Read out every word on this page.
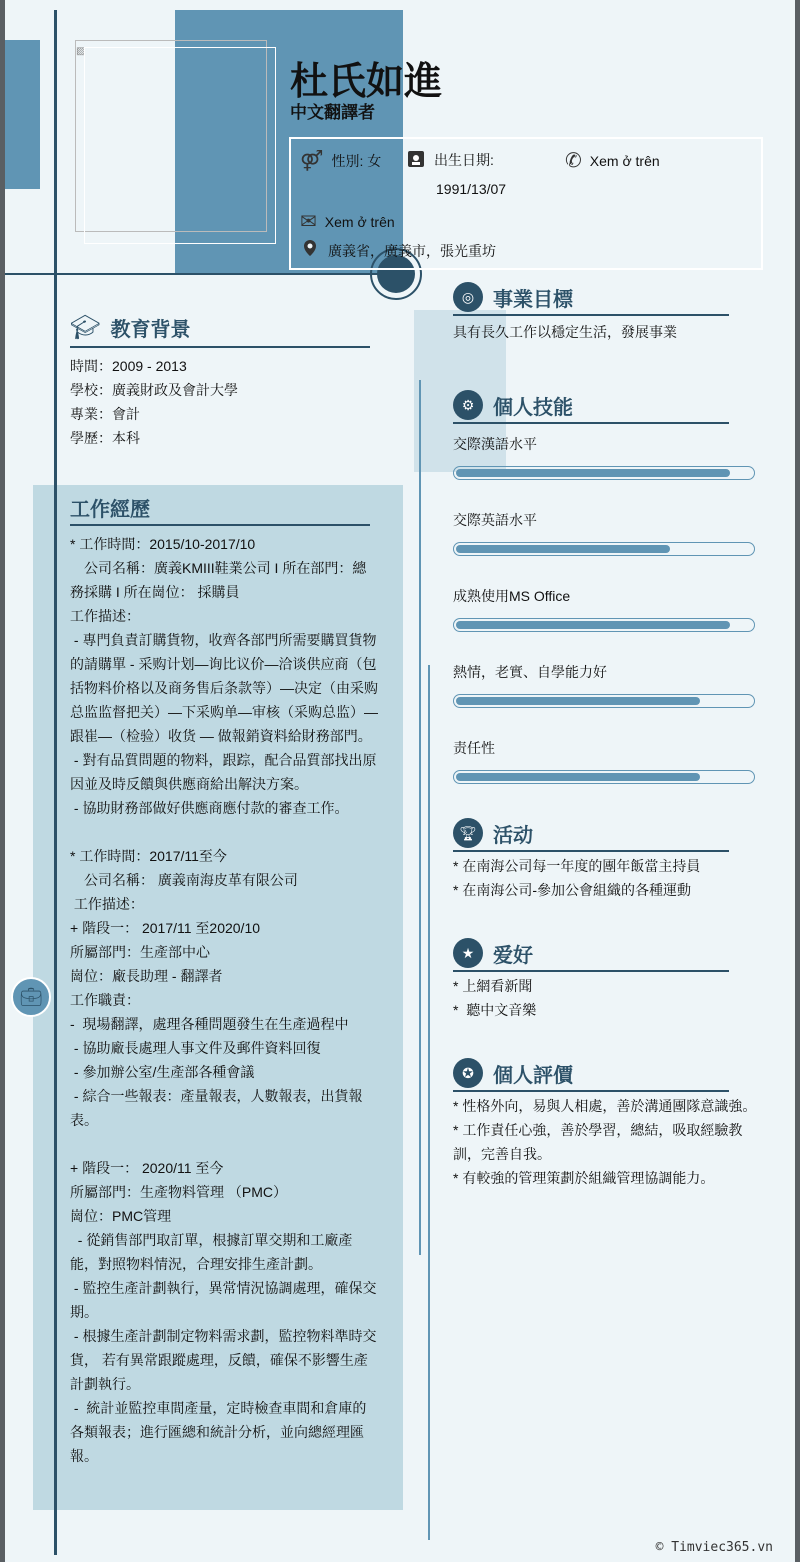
▨
杜氏如進
中文翻譯者
⚤ 性別: 女	出生日期:
1991/13/07
✆ Xem ở trên
✉ Xem ở trên
廣義省，廣義市，張光重坊
🎓︎ 教育背景
時間：2009 - 2013
學校：廣義財政及會計大學
專業：會計
學歷：本科
工作經歷
* 工作時間：2015/10-2017/10
　公司名稱：廣義KMIII鞋業公司 I 所在部門：總務採購 I 所在崗位： 採購員
工作描述：
- 專門負責訂購貨物，收齊各部門所需要購買貨物的請購單 - 采购计划—询比议价—洽谈供应商（包括物料价格以及商务售后条款等）—决定（由采购总监监督把关）—下采购单—审核（采购总监）—跟崔—（检验）收货 — 做報銷資料給財務部門。
- 對有品質問題的物料，跟踪，配合品質部找出原因並及時反饋與供應商給出解決方案。
- 協助財務部做好供應商應付款的審查工作。
* 工作時間：2017/11至今
　公司名稱： 廣義南海皮革有限公司
工作描述：
+ 階段一： 2017/11 至2020/10
所屬部門：生產部中心
崗位：廠長助理 - 翻譯者
工作職責：
-  現場翻譯，處理各種問題發生在生產過程中
- 協助廠長處理人事文件及郵件資料回復
- 參加辦公室/生產部各種會議
- 綜合一些報表：產量報表，人數報表，出貨報表。
+ 階段一： 2020/11 至今
所屬部門：生產物料管理 （PMC）
崗位：PMC管理
- 從銷售部門取訂單，根據訂單交期和工廠產能，對照物料情況，合理安排生產計劃。
- 監控生產計劃執行，異常情況協調處理，確保交期。
- 根據生產計劃制定物料需求劃，監控物料準時交貨， 若有異常跟蹤處理，反饋，確保不影響生產計劃執行。
-  統計並監控車間產量，定時檢查車間和倉庫的各類報表；進行匯總和統計分析，並向總經理匯報。
💼︎
◎ 事業目標
具有長久工作以穩定生活，發展事業
⚙ 個人技能
交際漢語水平
交際英語水平
成熟使用MS Office
熱情，老實、自學能力好
责任性
🏆︎ 活动
* 在南海公司每一年度的團年飯當主持員
* 在南海公司-參加公會組織的各種運動
★ 爱好
* 上網看新聞
*  聽中文音樂
✪ 個人評價
* 性格外向，易與人相處，善於溝通團隊意識強。
* 工作責任心強，善於學習，總結，吸取經驗教訓，完善自我。
* 有較強的管理策劃於組織管理協調能力。
© Timviec365.vn
